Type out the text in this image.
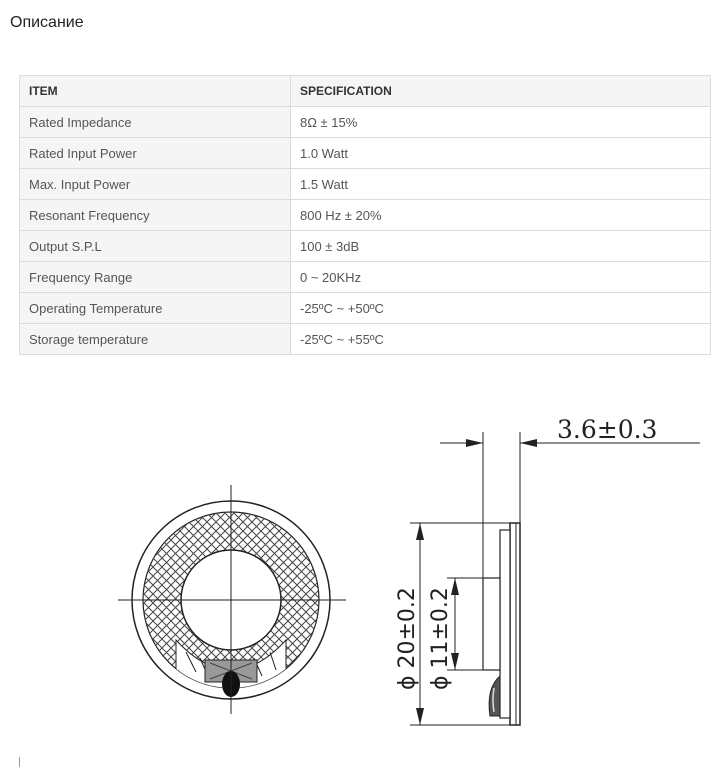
Описание
ITEM	SPECIFICATION
Rated Impedance	8Ω ± 15%
Rated Input Power	1.0 Watt
Max. Input Power	1.5 Watt
Resonant Frequency	800 Hz ± 20%
Output S.P.L	100 ± 3dB
Frequency Range	0 ~ 20KHz
Operating Temperature	-25ºC ~ +50ºC
Storage temperature	-25ºC ~ +55ºC
3.6±0.3
ϕ 20±0.2 ϕ 11±0.2
